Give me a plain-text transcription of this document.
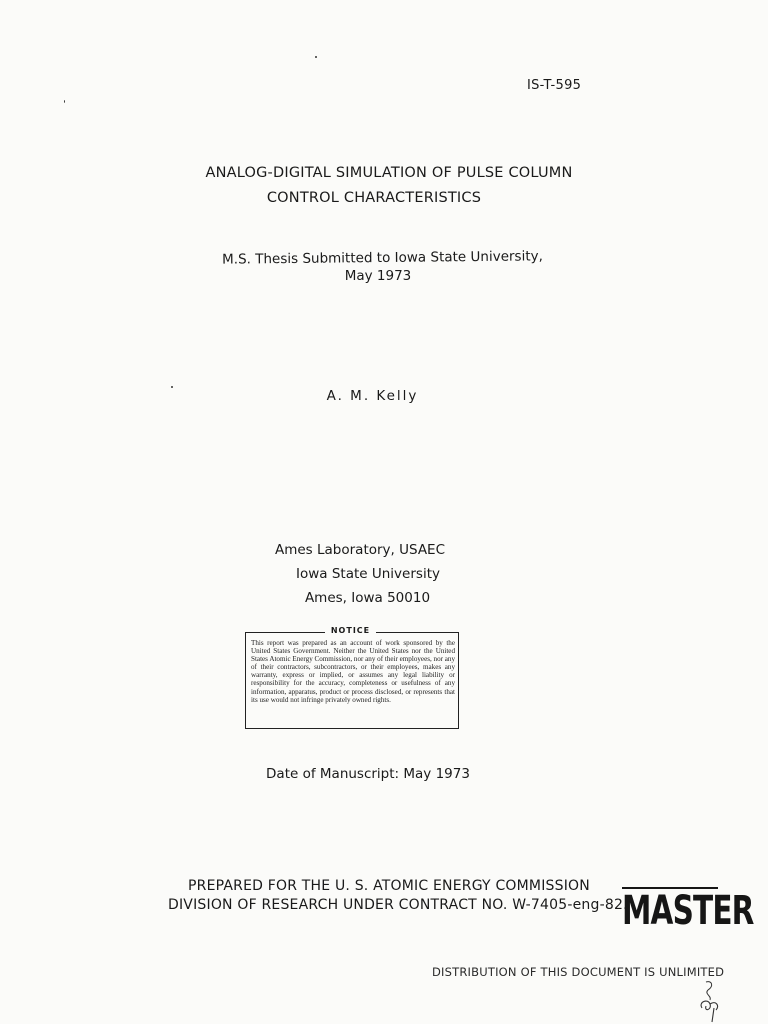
IS-T-595
ANALOG-DIGITAL SIMULATION OF PULSE COLUMN
CONTROL CHARACTERISTICS
M.S. Thesis Submitted to Iowa State University,
May 1973
A. M. Kelly
Ames Laboratory, USAEC
Iowa State University
Ames, Iowa 50010
NOTICE
This report was prepared as an account of work sponsored by the United States Government. Neither the United States nor the United States Atomic Energy Commission, nor any of their employees, nor any of their contractors, subcontractors, or their employees, makes any warranty, express or implied, or assumes any legal liability or responsibility for the accuracy, completeness or usefulness of any information, apparatus, product or process disclosed, or represents that its use would not infringe privately owned rights.
Date of Manuscript: May 1973
PREPARED FOR THE U. S. ATOMIC ENERGY COMMISSION
DIVISION OF RESEARCH UNDER CONTRACT NO. W-7405-eng-82.
MASTER
DISTRIBUTION OF THIS DOCUMENT IS UNLIMITED
